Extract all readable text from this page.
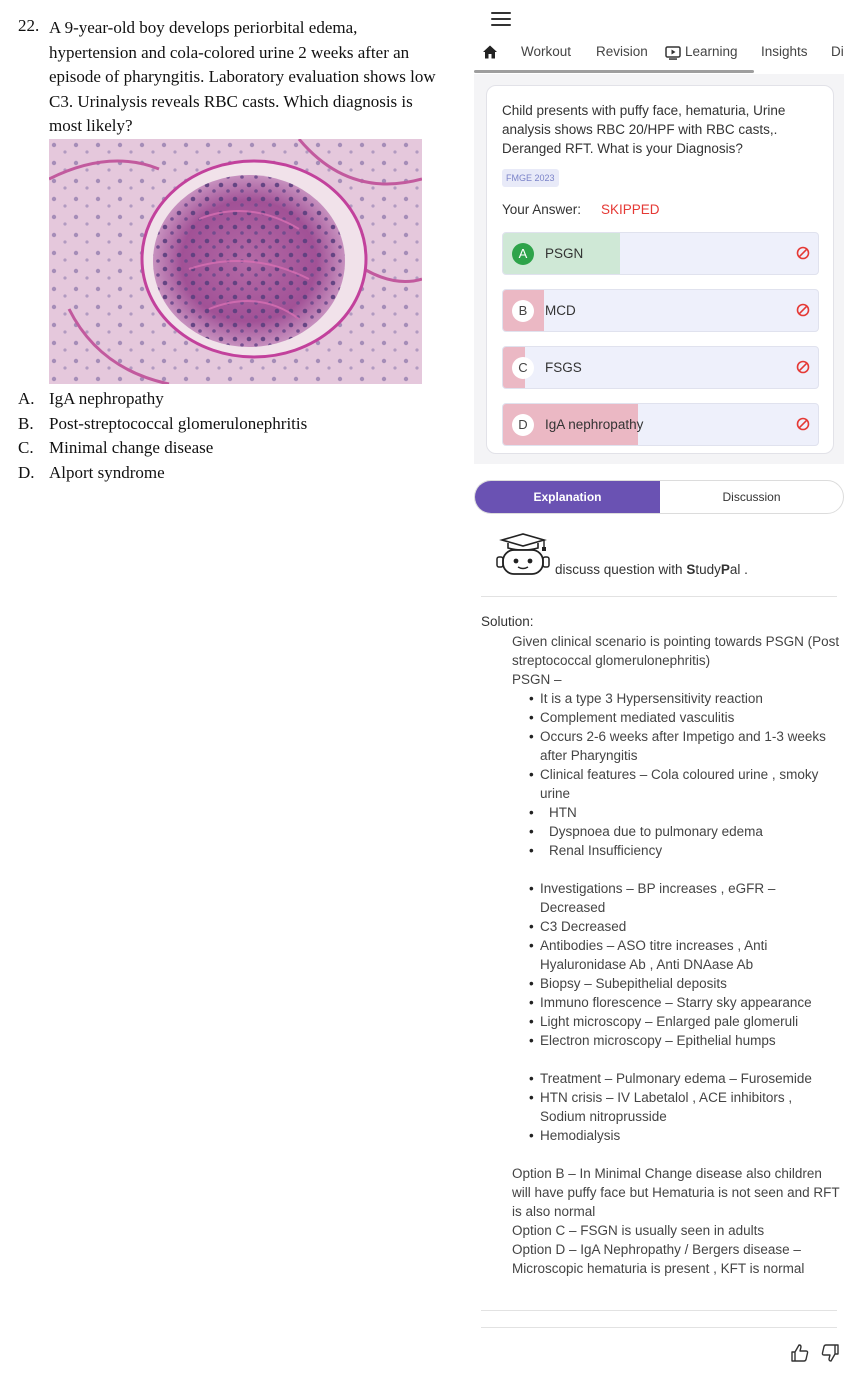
22. A 9-year-old boy develops periorbital edema, hypertension and cola-colored urine 2 weeks after an episode of pharyngitis. Laboratory evaluation shows low C3. Urinalysis reveals RBC casts. Which diagnosis is most likely?
A. IgA nephropathy
B. Post-streptococcal glomerulonephritis
C. Minimal change disease
D. Alport syndrome
Workout Revision	Learning Insights Di
Child presents with puffy face, hematuria, Urine analysis shows RBC 20/HPF with RBC casts,. Deranged RFT. What is your Diagnosis?
FMGE 2023
Your Answer: SKIPPED
A	PSGN
B	MCD
C	FSGS
D	IgA nephropathy
Explanation	Discussion
discuss question with StudyPal .
Solution:
Given clinical scenario is pointing towards PSGN (Post streptococcal glomerulonephritis)
PSGN –
• It is a type 3 Hypersensitivity reaction
• Complement mediated vasculitis
• Occurs 2-6 weeks after Impetigo and 1-3 weeks after Pharyngitis
• Clinical features – Cola coloured urine , smoky urine
• HTN
• Dyspnoea due to pulmonary edema
• Renal Insufficiency
• Investigations – BP increases , eGFR – Decreased
• C3 Decreased
• Antibodies – ASO titre increases , Anti Hyaluronidase Ab , Anti DNAase Ab
• Biopsy – Subepithelial deposits
• Immuno florescence – Starry sky appearance
• Light microscopy – Enlarged pale glomeruli
• Electron microscopy – Epithelial humps
• Treatment – Pulmonary edema – Furosemide
• HTN crisis – IV Labetalol , ACE inhibitors , Sodium nitroprusside
• Hemodialysis
Option B – In Minimal Change disease also children will have puffy face but Hematuria is not seen and RFT is also normal
Option C – FSGN is usually seen in adults
Option D – IgA Nephropathy / Bergers disease – Microscopic hematuria is present , KFT is normal
